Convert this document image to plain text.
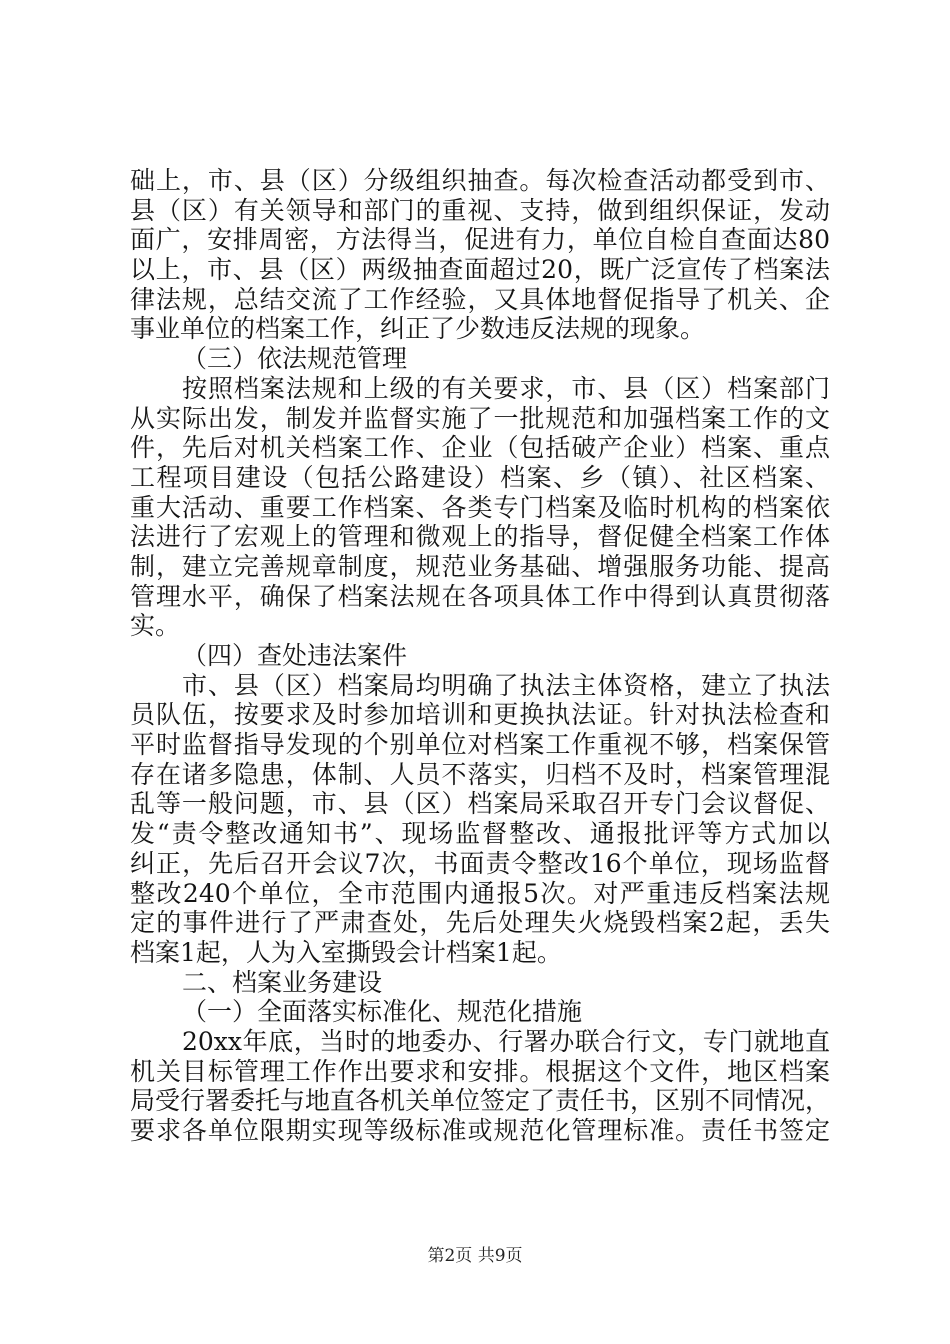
础上，市、县（区）分级组织抽查。每次检查活动都受到市、
县（区）有关领导和部门的重视、支持，做到组织保证，发动
面广，安排周密，方法得当，促进有力，单位自检自查面达80
以上，市、县（区）两级抽查面超过20，既广泛宣传了档案法
律法规，总结交流了工作经验，又具体地督促指导了机关、企
事业单位的档案工作，纠正了少数违反法规的现象。
（三）依法规范管理
按照档案法规和上级的有关要求，市、县（区）档案部门
从实际出发，制发并监督实施了一批规范和加强档案工作的文
件，先后对机关档案工作、企业（包括破产企业）档案、重点
工程项目建设（包括公路建设）档案、乡（镇）、社区档案、
重大活动、重要工作档案、各类专门档案及临时机构的档案依
法进行了宏观上的管理和微观上的指导，督促健全档案工作体
制，建立完善规章制度，规范业务基础、增强服务功能、提高
管理水平，确保了档案法规在各项具体工作中得到认真贯彻落
实。
（四）查处违法案件
市、县（区）档案局均明确了执法主体资格，建立了执法
员队伍，按要求及时参加培训和更换执法证。针对执法检查和
平时监督指导发现的个别单位对档案工作重视不够，档案保管
存在诸多隐患，体制、人员不落实，归档不及时，档案管理混
乱等一般问题，市、县（区）档案局采取召开专门会议督促、
发“责令整改通知书”、现场监督整改、通报批评等方式加以
纠正，先后召开会议7次，书面责令整改16个单位，现场监督
整改240个单位，全市范围内通报5次。对严重违反档案法规
定的事件进行了严肃查处，先后处理失火烧毁档案2起，丢失
档案1起，人为入室撕毁会计档案1起。
二、档案业务建设
（一）全面落实标准化、规范化措施
20xx年底，当时的地委办、行署办联合行文，专门就地直
机关目标管理工作作出要求和安排。根据这个文件，地区档案
局受行署委托与地直各机关单位签定了责任书，区别不同情况，
要求各单位限期实现等级标准或规范化管理标准。责任书签定
第2页 共9页
